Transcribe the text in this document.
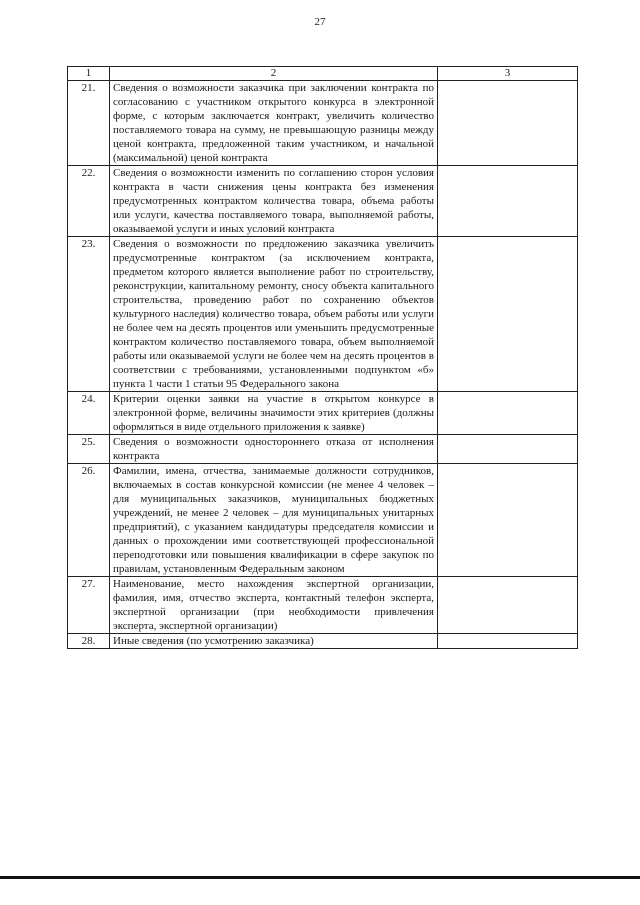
27
1	2	3
21.	Сведения о возможности заказчика при заключении контракта по согласованию с участником открытого конкурса в электронной форме, с которым заключается контракт, увеличить количество поставляемого товара на сумму, не превышающую разницы между ценой контракта, предложенной таким участником, и начальной (максимальной) ценой контракта	
22.	Сведения о возможности изменить по соглашению сторон условия контракта в части снижения цены контракта без изменения предусмотренных контрактом количества товара, объема работы или услуги, качества поставляемого товара, выполняемой работы, оказываемой услуги и иных условий контракта	
23.	Сведения о возможности по предложению заказчика увеличить предусмотренные контрактом (за исключением контракта, предметом которого является выполнение работ по строительству, реконструкции, капитальному ремонту, сносу объекта капитального строительства, проведению работ по сохранению объектов культурного наследия) количество товара, объем работы или услуги не более чем на десять процентов или уменьшить предусмотренные контрактом количество поставляемого товара, объем выполняемой работы или оказываемой услуги не более чем на десять процентов в соответствии с требованиями, установленными подпунктом «б» пункта 1 части 1 статьи 95 Федерального закона	
24.	Критерии оценки заявки на участие в открытом конкурсе в электронной форме, величины значимости этих критериев (должны оформляться в виде отдельного приложения к заявке)	
25.	Сведения о возможности одностороннего отказа от исполнения контракта	
26.	Фамилии, имена, отчества, занимаемые должности сотрудников, включаемых в состав конкурсной комиссии (не менее 4 человек – для муниципальных заказчиков, муниципальных бюджетных учреждений, не менее 2 человек – для муниципальных унитарных предприятий), с указанием кандидатуры председателя комиссии и данных о прохождении ими соответствующей профессиональной переподготовки или повышения квалификации в сфере закупок по правилам, установленным Федеральным законом	
27.	Наименование, место нахождения экспертной организации, фамилия, имя, отчество эксперта, контактный телефон эксперта, экспертной организации (при необходимости привлечения эксперта, экспертной организации)	
28.	Иные сведения (по усмотрению заказчика)	
